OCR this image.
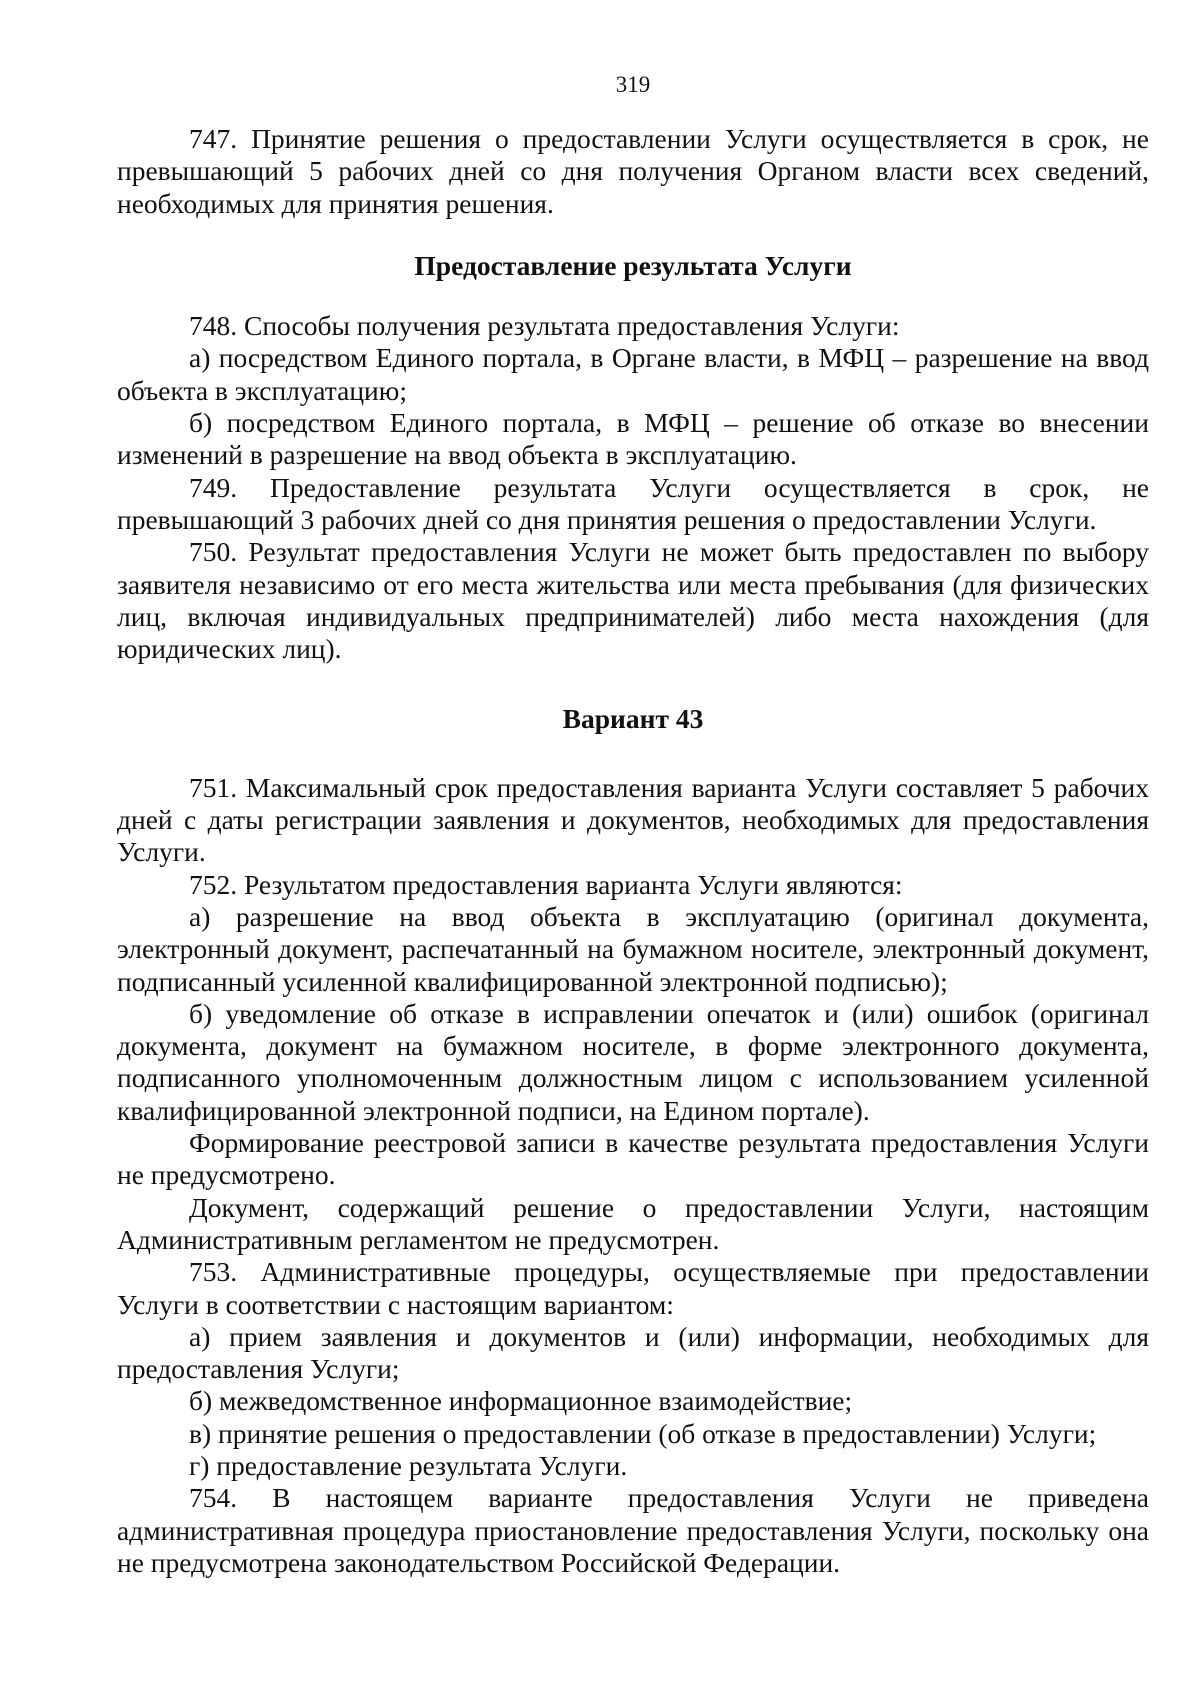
319

747. Принятие решения о предоставлении Услуги осуществляется в срок, не превышающий 5 рабочих дней со дня получения Органом власти всех сведений, необходимых для принятия решения.

Предоставление результата Услуги

748. Способы получения результата предоставления Услуги:

а) посредством Единого портала, в Органе власти, в МФЦ – разрешение на ввод объекта в эксплуатацию;

б) посредством Единого портала, в МФЦ – решение об отказе во внесении изменений в разрешение на ввод объекта в эксплуатацию.

749. Предоставление результата Услуги осуществляется в срок, не превышающий 3 рабочих дней со дня принятия решения о предоставлении Услуги.

750. Результат предоставления Услуги не может быть предоставлен по выбору заявителя независимо от его места жительства или места пребывания (для физических лиц, включая индивидуальных предпринимателей) либо места нахождения (для юридических лиц).

Вариант 43

751. Максимальный срок предоставления варианта Услуги составляет 5 рабочих дней с даты регистрации заявления и документов, необходимых для предоставления Услуги.

752. Результатом предоставления варианта Услуги являются:

а) разрешение на ввод объекта в эксплуатацию (оригинал документа, электронный документ, распечатанный на бумажном носителе, электронный документ, подписанный усиленной квалифицированной электронной подписью);

б) уведомление об отказе в исправлении опечаток и (или) ошибок (оригинал документа, документ на бумажном носителе, в форме электронного документа, подписанного уполномоченным должностным лицом с использованием усиленной квалифицированной электронной подписи, на Едином портале).

Формирование реестровой записи в качестве результата предоставления Услуги не предусмотрено.

Документ, содержащий решение о предоставлении Услуги, настоящим Административным регламентом не предусмотрен.

753. Административные процедуры, осуществляемые при предоставлении Услуги в соответствии с настоящим вариантом:

а) прием заявления и документов и (или) информации, необходимых для предоставления Услуги;

б) межведомственное информационное взаимодействие;

в) принятие решения о предоставлении (об отказе в предоставлении) Услуги;

г) предоставление результата Услуги.

754. В настоящем варианте предоставления Услуги не приведена административная процедура приостановление предоставления Услуги, поскольку она не предусмотрена законодательством Российской Федерации.
